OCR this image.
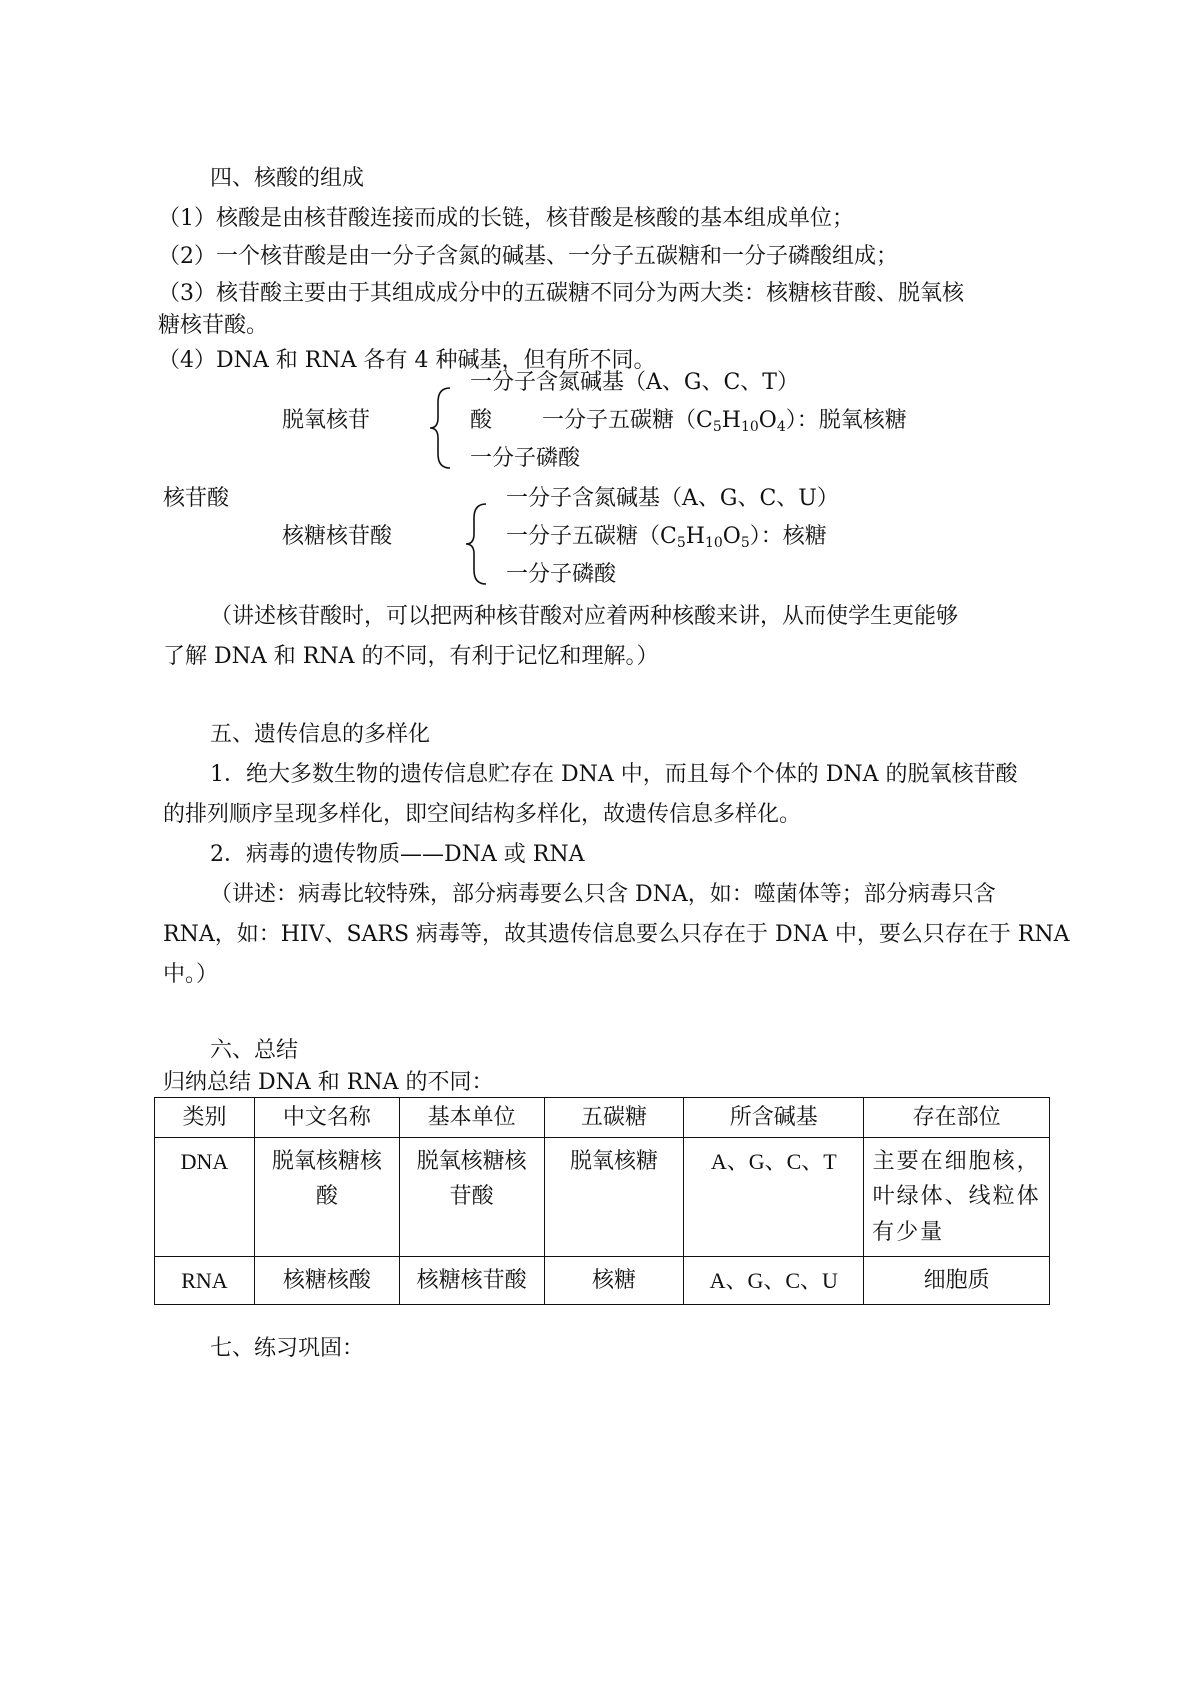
四、核酸的组成
（1）核酸是由核苷酸连接而成的长链，核苷酸是核酸的基本组成单位；
（2）一个核苷酸是由一分子含氮的碱基、一分子五碳糖和一分子磷酸组成；
（3）核苷酸主要由于其组成成分中的五碳糖不同分为两大类：核糖核苷酸、脱氧核
糖核苷酸。
（4）DNA 和 RNA 各有 4 种碱基，但有所不同。
核苷酸
脱氧核苷
一分子含氮碱基（A、G、C、T）
酸 一分子五碳糖$(C_5H_{10}O_4)$：脱氧核糖
一分子磷酸
核糖核苷酸
一分子含氮碱基（A、G、C、U）
一分子五碳糖$(C_5H_{10}O_5)$：核糖
一分子磷酸
（讲述核苷酸时，可以把两种核苷酸对应着两种核酸来讲，从而使学生更能够
了解 DNA 和 RNA 的不同，有利于记忆和理解。）
五、遗传信息的多样化
1．绝大多数生物的遗传信息贮存在 DNA 中，而且每个个体的 DNA 的脱氧核苷酸
的排列顺序呈现多样化，即空间结构多样化，故遗传信息多样化。
2．病毒的遗传物质——DNA 或 RNA
（讲述：病毒比较特殊，部分病毒要么只含 DNA，如：噬菌体等；部分病毒只含
RNA，如：HIV、SARS 病毒等，故其遗传信息要么只存在于 DNA 中，要么只存在于 RNA
中。）
六、总结
归纳总结 DNA 和 RNA 的不同：
类别	中文名称	基本单位	五碳糖	所含碱基	存在部位
DNA	脱氧核糖核酸	脱氧核糖核苷酸	脱氧核糖	A、G、C、T	主要在细胞核，叶绿体、线粒体有少量
RNA	核糖核酸	核糖核苷酸	核糖	A、G、C、U	细胞质
七、练习巩固：
